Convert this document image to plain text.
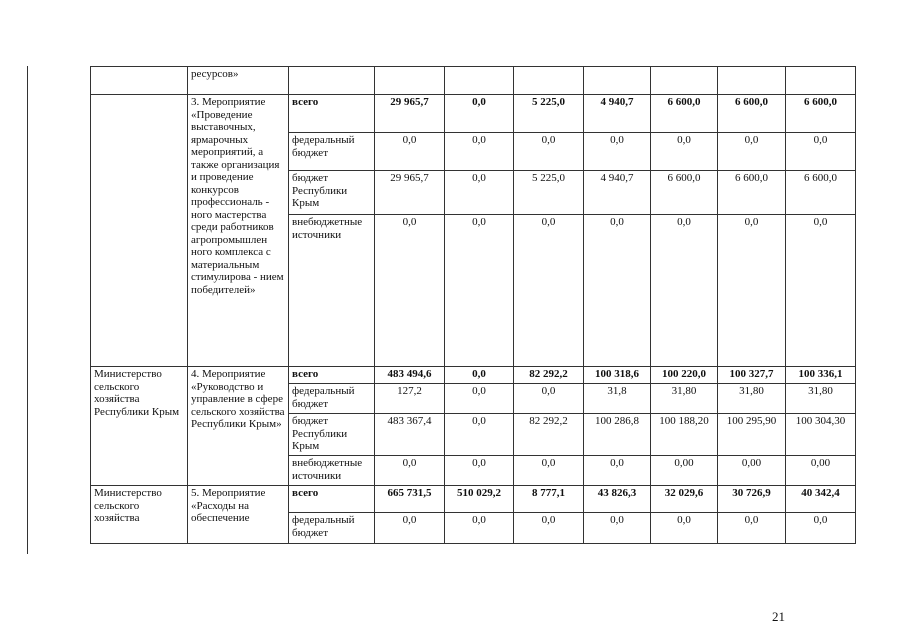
	ресурсов»								
	3. Мероприятие «Проведение выставочных, ярмарочных мероприятий, а также организация и проведение конкурсов профессиональ - ного мастерства среди работников агропромышлен ного комплекса с материальным стимулирова - нием победителей»	всего	29 965,7	0,0	5 225,0	4 940,7	6 600,0	6 600,0	6 600,0
		федеральный бюджет	0,0	0,0	0,0	0,0	0,0	0,0	0,0
		бюджет Республики Крым	29 965,7	0,0	5 225,0	4 940,7	6 600,0	6 600,0	6 600,0
		внебюджетные источники	0,0	0,0	0,0	0,0	0,0	0,0	0,0
Министерство сельского хозяйства Республики Крым	4. Мероприятие «Руководство и управление в сфере сельского хозяйства Республики Крым»	всего	483 494,6	0,0	82 292,2	100 318,6	100 220,0	100 327,7	100 336,1
		федеральный бюджет	127,2	0,0	0,0	31,8	31,80	31,80	31,80
		бюджет Республики Крым	483 367,4	0,0	82 292,2	100 286,8	100 188,20	100 295,90	100 304,30
		внебюджетные источники	0,0	0,0	0,0	0,0	0,00	0,00	0,00
Министерство сельского хозяйства	5. Мероприятие «Расходы на обеспечение	всего	665 731,5	510 029,2	8 777,1	43 826,3	32 029,6	30 726,9	40 342,4
		федеральный бюджет	0,0	0,0	0,0	0,0	0,0	0,0	0,0
21
